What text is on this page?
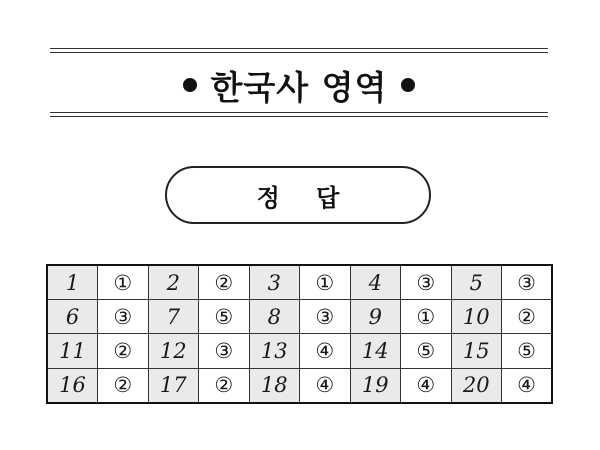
한국사 영역
정 답
1	①	2	②	3	①	4	③	5	③
6	③	7	⑤	8	③	9	①	10	②
11	②	12	③	13	④	14	⑤	15	⑤
16	②	17	②	18	④	19	④	20	④
